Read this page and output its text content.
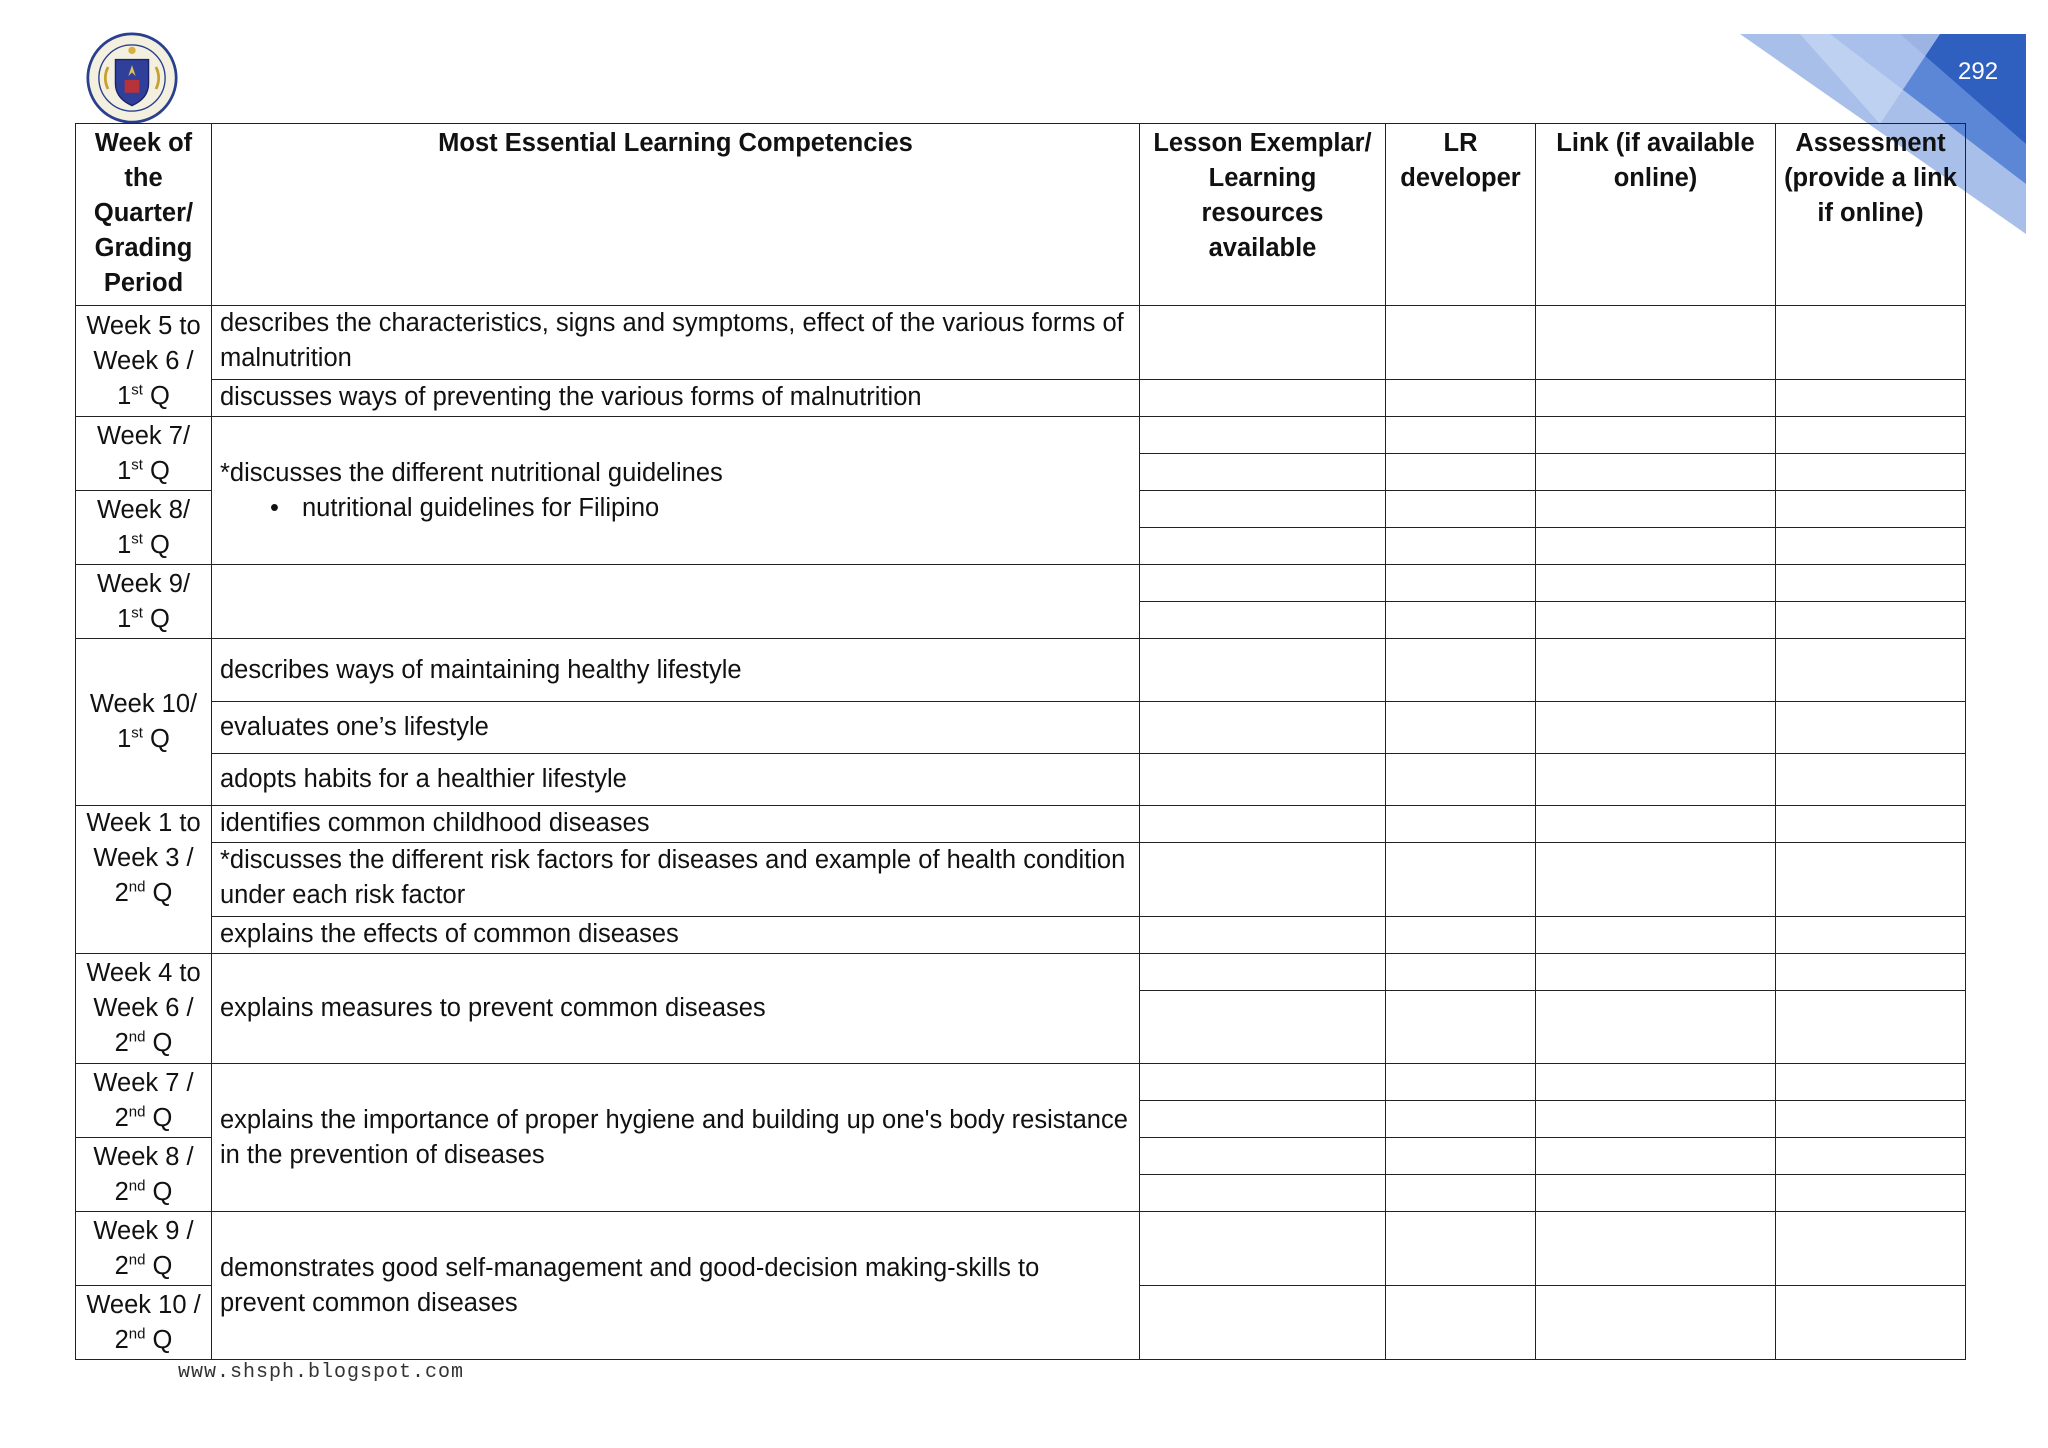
292
Week of the Quarter/ Grading Period	Most Essential Learning Competencies	Lesson Exemplar/ Learning resources available	LR developer	Link (if available online)	Assessment (provide a link if online)
Week 5 to Week 6 / 1st Q	describes the characteristics, signs and symptoms, effect of the various forms of malnutrition				
	discusses ways of preventing the various forms of malnutrition				
Week 7/ 1st Q	*discusses the different nutritional guidelines
• nutritional guidelines for Filipino

Week 8/ 1st Q					

Week 9/ 1st Q					

Week 10/ 1st Q	describes ways of maintaining healthy lifestyle				
	evaluates one’s lifestyle				
	adopts habits for a healthier lifestyle				
Week 1 to Week 3 / 2nd Q	identifies common childhood diseases				
	*discusses the different risk factors for diseases and example of health condition under each risk factor				
	explains the effects of common diseases				
Week 4 to Week 6 / 2nd Q	explains measures to prevent common diseases				

Week 7 / 2nd Q	explains the importance of proper hygiene and building up one's body resistance in the prevention of diseases				

Week 8 / 2nd Q					

Week 9 / 2nd Q	demonstrates good self-management and good-decision making-skills to prevent common diseases				
Week 10 / 2nd Q					
www.shsph.blogspot.com
